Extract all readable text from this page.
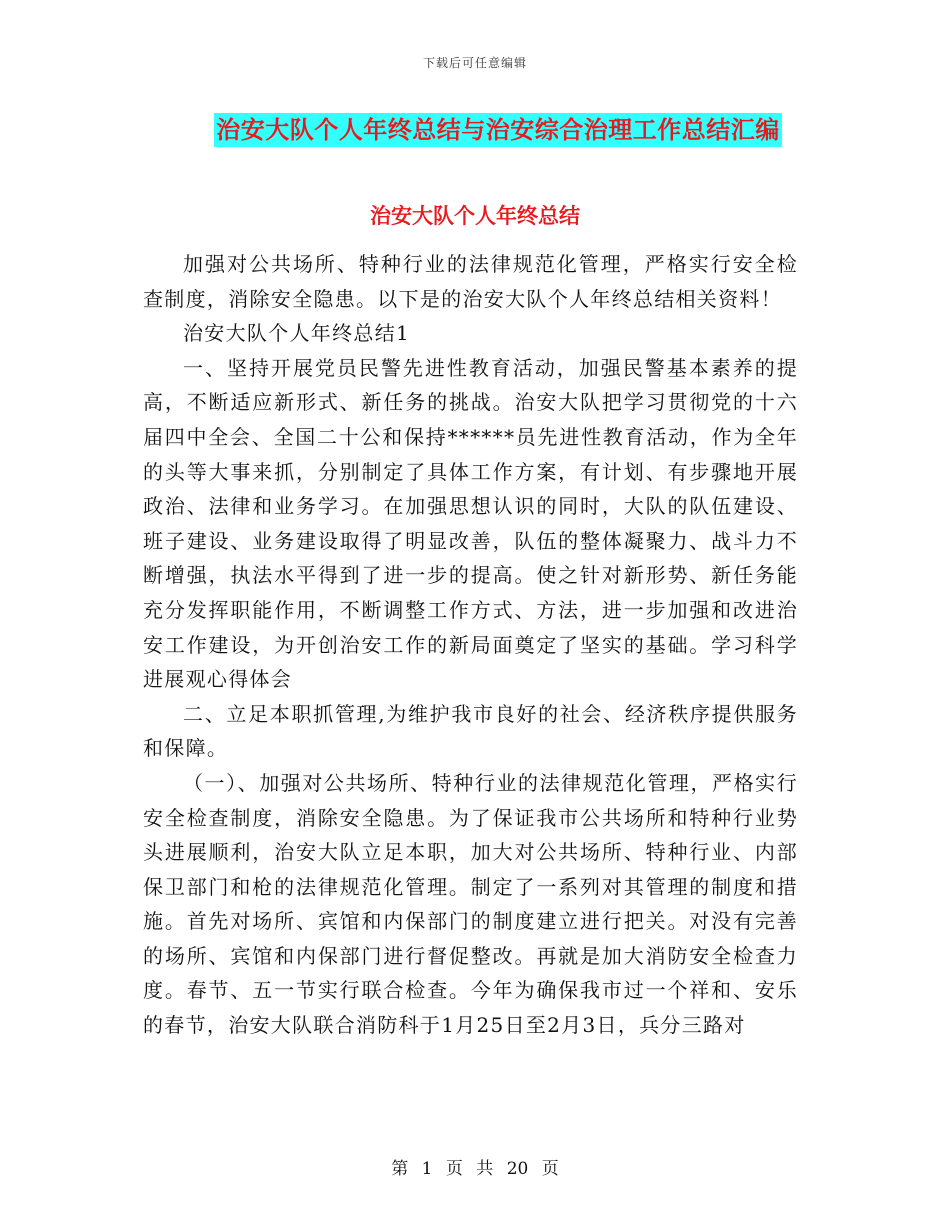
下载后可任意编辑
治安大队个人年终总结与治安综合治理工作总结汇编
治安大队个人年终总结

加强对公共场所、特种行业的法律规范化管理，严格实行安全检查制度，消除安全隐患。以下是的治安大队个人年终总结相关资料！

治安大队个人年终总结1

一、坚持开展党员民警先进性教育活动，加强民警基本素养的提高，不断适应新形式、新任务的挑战。治安大队把学习贯彻党的十六届四中全会、全国二十公和保持******员先进性教育活动，作为全年的头等大事来抓，分别制定了具体工作方案，有计划、有步骤地开展政治、法律和业务学习。在加强思想认识的同时，大队的队伍建设、班子建设、业务建设取得了明显改善，队伍的整体凝聚力、战斗力不断增强，执法水平得到了进一步的提高。使之针对新形势、新任务能充分发挥职能作用，不断调整工作方式、方法，进一步加强和改进治安工作建设，为开创治安工作的新局面奠定了坚实的基础。学习科学进展观心得体会

二、立足本职抓管理,为维护我市良好的社会、经济秩序提供服务和保障。

（一）、加强对公共场所、特种行业的法律规范化管理，严格实行安全检查制度，消除安全隐患。为了保证我市公共场所和特种行业势头进展顺利，治安大队立足本职，加大对公共场所、特种行业、内部保卫部门和枪的法律规范化管理。制定了一系列对其管理的制度和措施。首先对场所、宾馆和内保部门的制度建立进行把关。对没有完善的场所、宾馆和内保部门进行督促整改。再就是加大消防安全检查力度。春节、五一节实行联合检查。今年为确保我市过一个祥和、安乐的春节，治安大队联合消防科于1月25日至2月3日，兵分三路对

第 1 页 共 20 页
